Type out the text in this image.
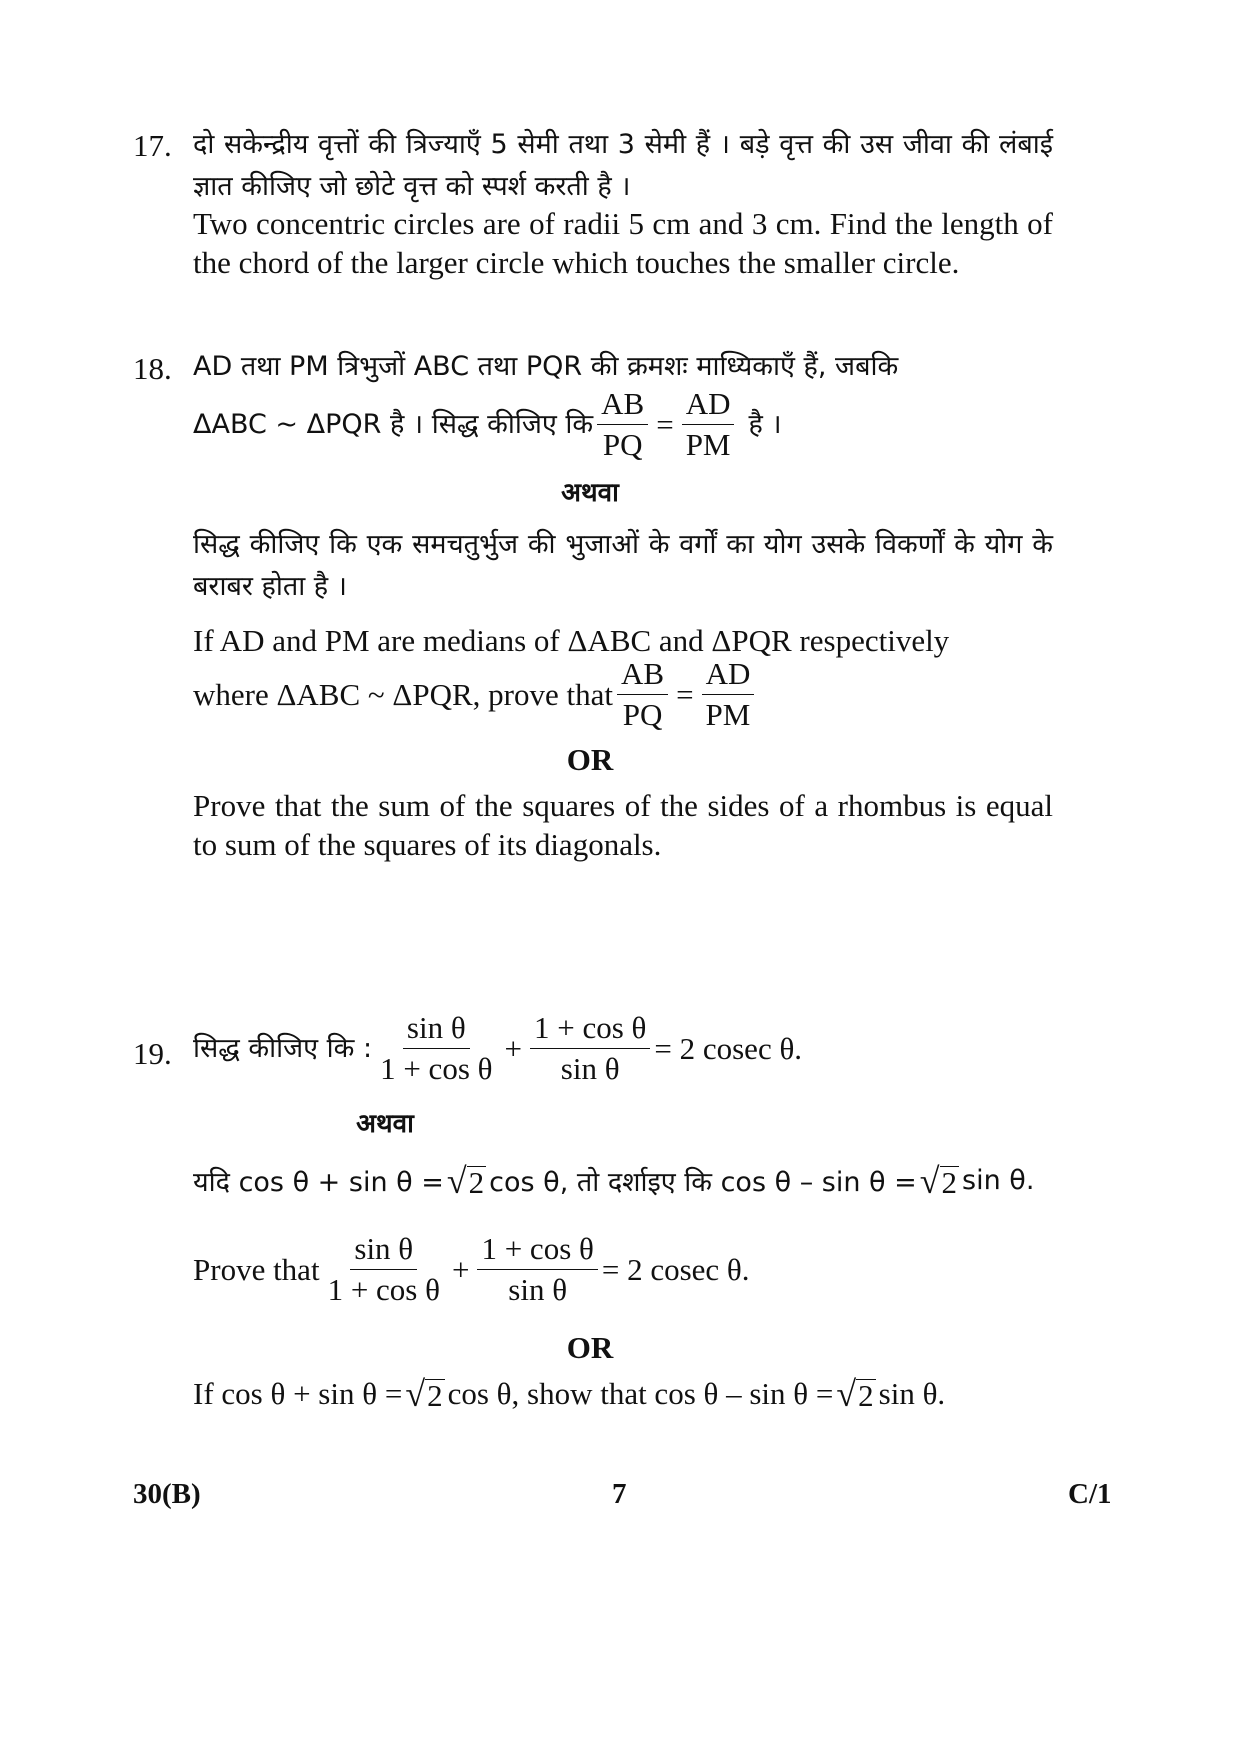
17. दो सकेन्द्रीय वृत्तों की त्रिज्याएँ 5 सेमी तथा 3 सेमी हैं । बड़े वृत्त की उस जीवा की लंबाई ज्ञात कीजिए जो छोटे वृत्त को स्पर्श करती है ।
Two concentric circles are of radii 5 cm and 3 cm. Find the length of the chord of the larger circle which touches the smaller circle.
18. AD तथा PM त्रिभुजों ABC तथा PQR की क्रमशः माध्यिकाएँ हैं, जबकि
ΔABC ~ ΔPQR है । सिद्ध कीजिए कि $\frac{AB}{PQ} = \frac{AD}{PM}$ है ।
अथवा
सिद्ध कीजिए कि एक समचतुर्भुज की भुजाओं के वर्गों का योग उसके विकर्णों के योग के बराबर होता है ।
If AD and PM are medians of ΔABC and ΔPQR respectively
where ΔABC ~ ΔPQR, prove that $\frac{AB}{PQ} = \frac{AD}{PM}$
OR
Prove that the sum of the squares of the sides of a rhombus is equal to sum of the squares of its diagonals.
19. सिद्ध कीजिए कि : $\frac{\text{sin θ}}{\text{1 + cos θ}} + \frac{\text{1 + cos θ}}{\text{sin θ}} = 2$ cosec θ.
अथवा
यदि cos θ + sin θ = √ 2 cos θ, तो दर्शाइए कि cos θ – sin θ = √ 2 sin θ.
Prove that $\frac{\text{sin θ}}{\text{1 + cos θ}} + \frac{\text{1 + cos θ}}{\text{sin θ}} = 2$ cosec θ.
OR
If cos θ + sin θ = √ 2 cos θ, show that cos θ – sin θ = √ 2 sin θ.
30(B)	7	C/1
